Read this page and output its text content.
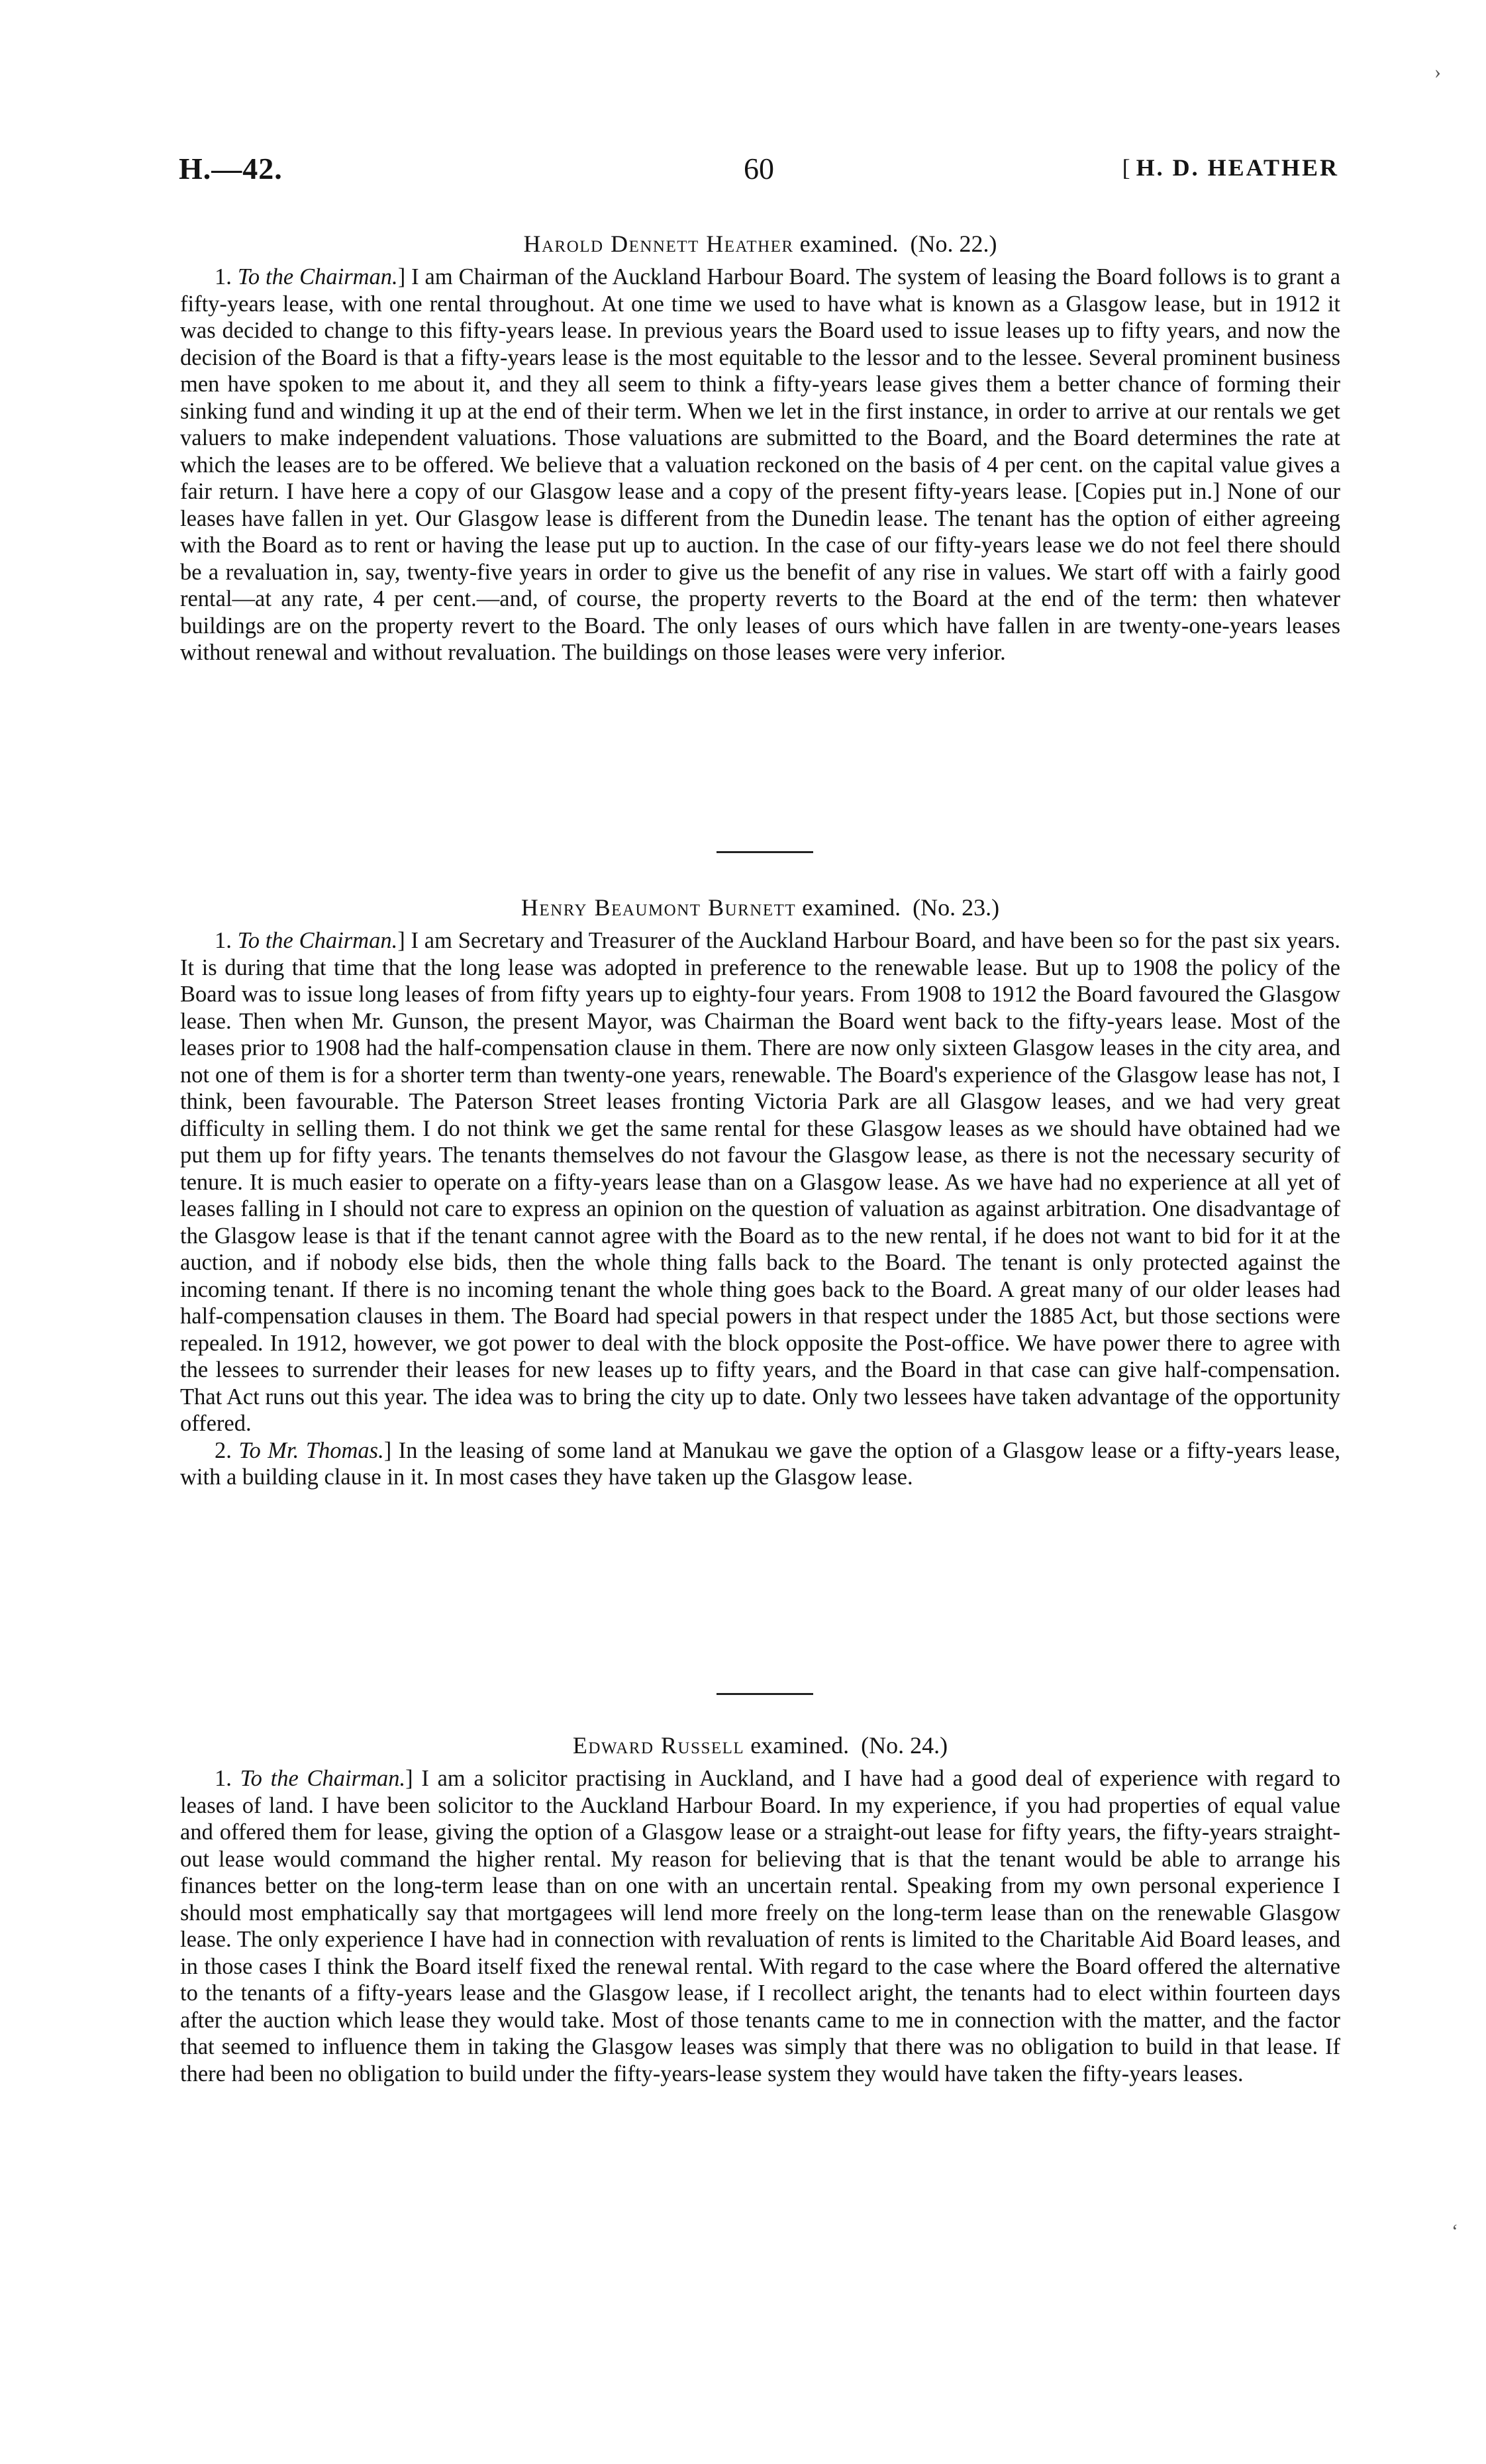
H.—42.	60
[	H. D. HEATHER

Harold Dennett Heather examined. (No. 22.)

1. To the Chairman.] I am Chairman of the Auckland Harbour Board. The system of leasing the Board follows is to grant a fifty-years lease, with one rental throughout. At one time we used to have what is known as a Glasgow lease, but in 1912 it was decided to change to this fifty-years lease. In previous years the Board used to issue leases up to fifty years, and now the decision of the Board is that a fifty-years lease is the most equitable to the lessor and to the lessee. Several prominent business men have spoken to me about it, and they all seem to think a fifty-years lease gives them a better chance of forming their sinking fund and winding it up at the end of their term. When we let in the first instance, in order to arrive at our rentals we get valuers to make independent valuations. Those valuations are submitted to the Board, and the Board determines the rate at which the leases are to be offered. We believe that a valuation reckoned on the basis of 4 per cent. on the capital value gives a fair return. I have here a copy of our Glasgow lease and a copy of the present fifty-years lease. [Copies put in.] None of our leases have fallen in yet. Our Glasgow lease is different from the Dunedin lease. The tenant has the option of either agreeing with the Board as to rent or having the lease put up to auction. In the case of our fifty-years lease we do not feel there should be a revaluation in, say, twenty-five years in order to give us the benefit of any rise in values. We start off with a fairly good rental—at any rate, 4 per cent.—and, of course, the property reverts to the Board at the end of the term: then whatever buildings are on the property revert to the Board. The only leases of ours which have fallen in are twenty-one-years leases without renewal and without revaluation. The buildings on those leases were very inferior.

Henry Beaumont Burnett examined. (No. 23.)

1. To the Chairman.] I am Secretary and Treasurer of the Auckland Harbour Board, and have been so for the past six years. It is during that time that the long lease was adopted in preference to the renewable lease. But up to 1908 the policy of the Board was to issue long leases of from fifty years up to eighty-four years. From 1908 to 1912 the Board favoured the Glasgow lease. Then when Mr. Gunson, the present Mayor, was Chairman the Board went back to the fifty-years lease. Most of the leases prior to 1908 had the half-compensation clause in them. There are now only sixteen Glasgow leases in the city area, and not one of them is for a shorter term than twenty-one years, renewable. The Board's experience of the Glasgow lease has not, I think, been favourable. The Paterson Street leases fronting Victoria Park are all Glasgow leases, and we had very great difficulty in selling them. I do not think we get the same rental for these Glasgow leases as we should have obtained had we put them up for fifty years. The tenants themselves do not favour the Glasgow lease, as there is not the necessary security of tenure. It is much easier to operate on a fifty-years lease than on a Glasgow lease. As we have had no experience at all yet of leases falling in I should not care to express an opinion on the question of valuation as against arbitration. One disadvantage of the Glasgow lease is that if the tenant cannot agree with the Board as to the new rental, if he does not want to bid for it at the auction, and if nobody else bids, then the whole thing falls back to the Board. The tenant is only protected against the incoming tenant. If there is no incoming tenant the whole thing goes back to the Board. A great many of our older leases had half-compensation clauses in them. The Board had special powers in that respect under the 1885 Act, but those sections were repealed. In 1912, however, we got power to deal with the block opposite the Post-office. We have power there to agree with the lessees to surrender their leases for new leases up to fifty years, and the Board in that case can give half-compensation. That Act runs out this year. The idea was to bring the city up to date. Only two lessees have taken advantage of the opportunity offered.

2. To Mr. Thomas.] In the leasing of some land at Manukau we gave the option of a Glasgow lease or a fifty-years lease, with a building clause in it. In most cases they have taken up the Glasgow lease.

Edward Russell examined. (No. 24.)

1. To the Chairman.] I am a solicitor practising in Auckland, and I have had a good deal of experience with regard to leases of land. I have been solicitor to the Auckland Harbour Board. In my experience, if you had properties of equal value and offered them for lease, giving the option of a Glasgow lease or a straight-out lease for fifty years, the fifty-years straight-out lease would command the higher rental. My reason for believing that is that the tenant would be able to arrange his finances better on the long-term lease than on one with an uncertain rental. Speaking from my own personal experience I should most emphatically say that mortgagees will lend more freely on the long-term lease than on the renewable Glasgow lease. The only experience I have had in connection with revaluation of rents is limited to the Charitable Aid Board leases, and in those cases I think the Board itself fixed the renewal rental. With regard to the case where the Board offered the alternative to the tenants of a fifty-years lease and the Glasgow lease, if I recollect aright, the tenants had to elect within fourteen days after the auction which lease they would take. Most of those tenants came to me in connection with the matter, and the factor that seemed to influence them in taking the Glasgow leases was simply that there was no obligation to build in that lease. If there had been no obligation to build under the fifty-years-lease system they would have taken the fifty-years leases.

›
‘
